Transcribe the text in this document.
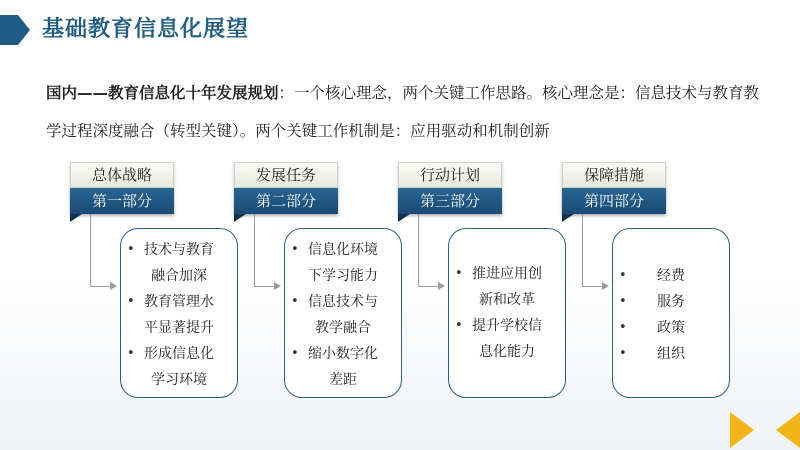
基础教育信息化展望
国内——教育信息化十年发展规划：一个核心理念，两个关键工作思路。核心理念是：信息技术与教育教学过程深度融合（转型关键）。两个关键工作机制是：应用驱动和机制创新
总体战略
第一部分
• 技术与教育
融合加深
• 教育管理水
平显著提升
• 形成信息化
学习环境
发展任务
第二部分
• 信息化环境
下学习能力
• 信息技术与
教学融合
• 缩小数字化
差距
行动计划
第三部分
• 推进应用创
新和改革
• 提升学校信
息化能力
保障措施
第四部分
• 经费
• 服务
• 政策
• 组织
